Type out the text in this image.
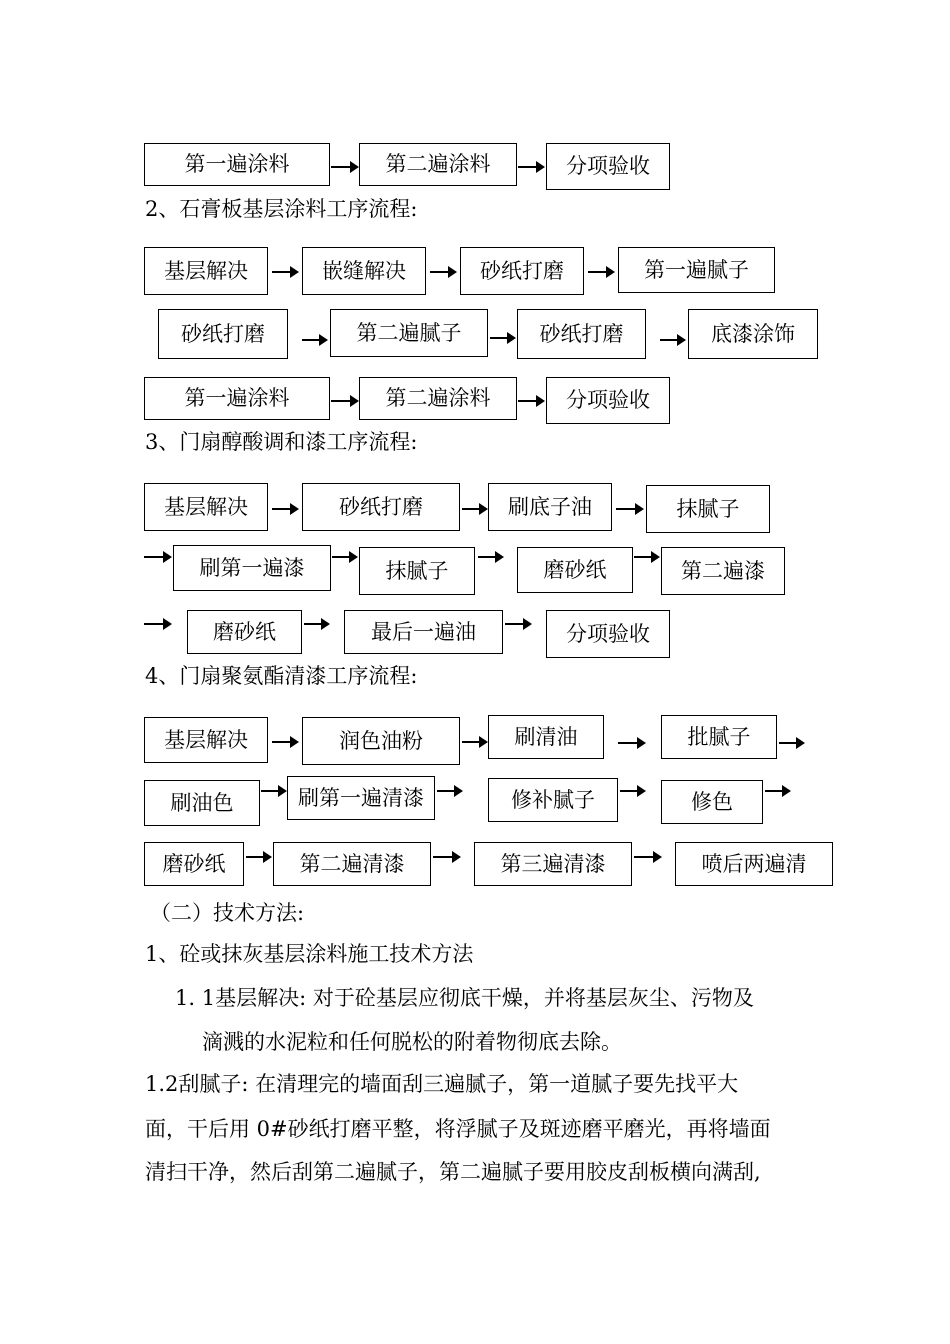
第一遍涂料	第二遍涂料	分项验收
2、石膏板基层涂料工序流程:
基层解决	嵌缝解决	砂纸打磨	第一遍腻子
砂纸打磨	第二遍腻子	砂纸打磨	底漆涂饰
第一遍涂料	第二遍涂料	分项验收
3、门扇醇酸调和漆工序流程:
基层解决	砂纸打磨	刷底子油	抹腻子
刷第一遍漆	抹腻子	磨砂纸	第二遍漆
磨砂纸	最后一遍油	分项验收
4、门扇聚氨酯清漆工序流程:
基层解决	润色油粉	刷清油	批腻子
刷油色	刷第一遍清漆	修补腻子	修色
磨砂纸	第二遍清漆	第三遍清漆	喷后两遍清
（二）技术方法:
1、砼或抹灰基层涂料施工技术方法
1. 1基层解决: 对于砼基层应彻底干燥，并将基层灰尘、污物及
滴溅的水泥粒和任何脱松的附着物彻底去除。
1.2刮腻子: 在清理完的墙面刮三遍腻子，第一道腻子要先找平大
面，干后用 0#砂纸打磨平整，将浮腻子及斑迹磨平磨光，再将墙面
清扫干净，然后刮第二遍腻子，第二遍腻子要用胶皮刮板横向满刮,
